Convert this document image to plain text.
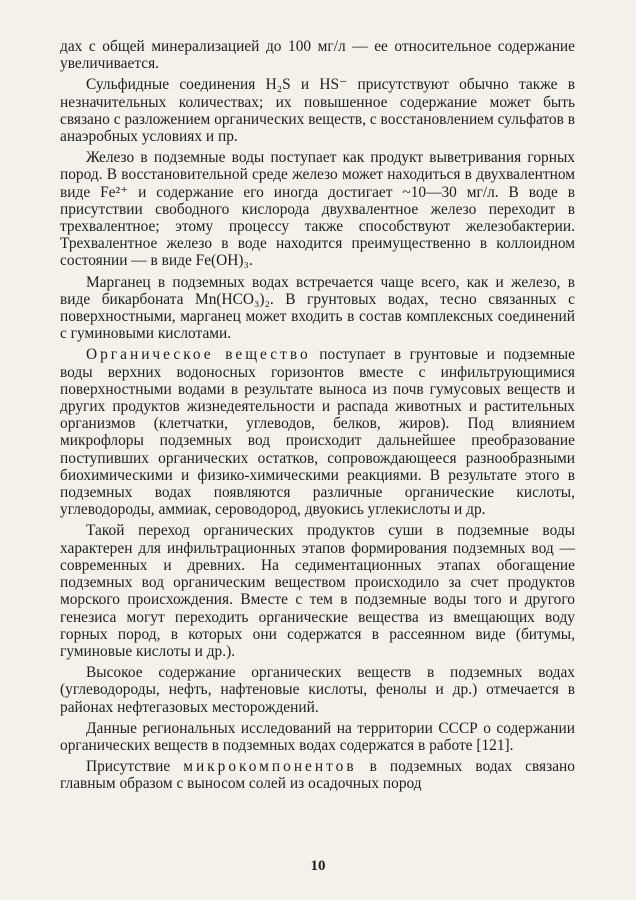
дах с общей минерализацией до 100 мг/л — ее относительное содержание увеличивается.

Сульфидные соединения H₂S и HS⁻ присутствуют обычно также в незначительных количествах; их повышенное содержание может быть связано с разложением органических веществ, с восстановлением сульфатов в анаэробных условиях и пр.

Железо в подземные воды поступает как продукт выветривания горных пород. В восстановительной среде железо может находиться в двухвалентном виде Fe²⁺ и содержание его иногда достигает ~10—30 мг/л. В воде в присутствии свободного кислорода двухвалентное железо переходит в трехвалентное; этому процессу также способствуют железобактерии. Трехвалентное железо в воде находится преимущественно в коллоидном состоянии — в виде Fe(OH)₃.

Марганец в подземных водах встречается чаще всего, как и железо, в виде бикарбоната Mn(HCO₃)₂. В грунтовых водах, тесно связанных с поверхностными, марганец может входить в состав комплексных соединений с гуминовыми кислотами.

Органическое вещество поступает в грунтовые и подземные воды верхних водоносных горизонтов вместе с инфильтрующимися поверхностными водами в результате выноса из почв гумусовых веществ и других продуктов жизнедеятельности и распада животных и растительных организмов (клетчатки, углеводов, белков, жиров). Под влиянием микрофлоры подземных вод происходит дальнейшее преобразование поступивших органических остатков, сопровождающееся разнообразными биохимическими и физико-химическими реакциями. В результате этого в подземных водах появляются различные органические кислоты, углеводороды, аммиак, сероводород, двуокись углекислоты и др.

Такой переход органических продуктов суши в подземные воды характерен для инфильтрационных этапов формирования подземных вод — современных и древних. На седиментационных этапах обогащение подземных вод органическим веществом происходило за счет продуктов морского происхождения. Вместе с тем в подземные воды того и другого генезиса могут переходить органические вещества из вмещающих воду горных пород, в которых они содержатся в рассеянном виде (битумы, гуминовые кислоты и др.).

Высокое содержание органических веществ в подземных водах (углеводороды, нефть, нафтеновые кислоты, фенолы и др.) отмечается в районах нефтегазовых месторождений.

Данные региональных исследований на территории СССР о содержании органических веществ в подземных водах содержатся в работе [121].

Присутствие микрокомпонентов в подземных водах связано главным образом с выносом солей из осадочных пород

10
